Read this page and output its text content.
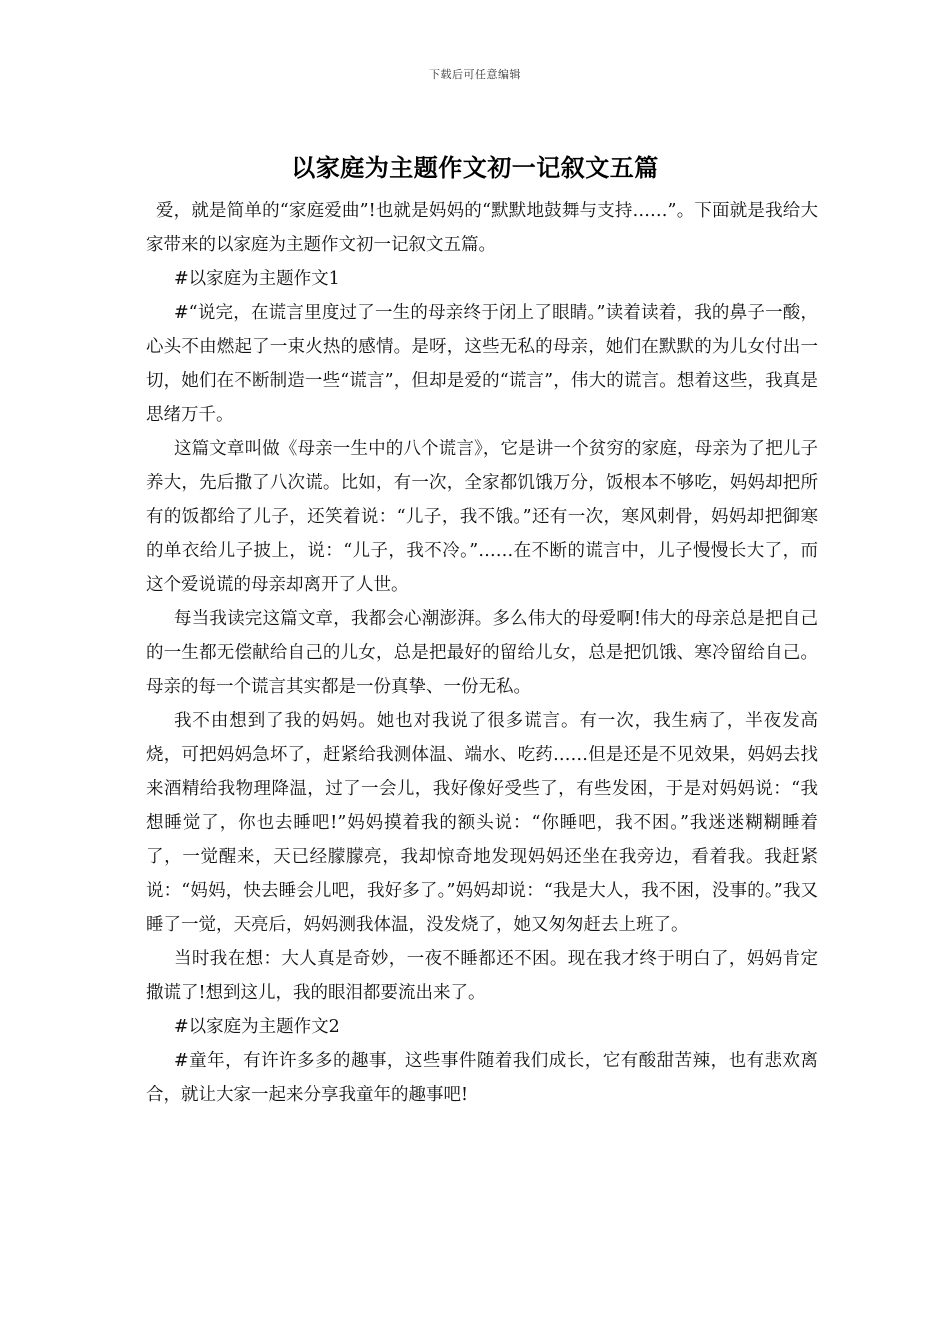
下载后可任意编辑
以家庭为主题作文初一记叙文五篇

爱，就是简单的“家庭爱曲”!也就是妈妈的“默默地鼓舞与支持……”。下面就是我给大家带来的以家庭为主题作文初一记叙文五篇。

#以家庭为主题作文1

#“说完，在谎言里度过了一生的母亲终于闭上了眼睛。”读着读着，我的鼻子一酸，心头不由燃起了一束火热的感情。是呀，这些无私的母亲，她们在默默的为儿女付出一切，她们在不断制造一些“谎言”，但却是爱的“谎言”，伟大的谎言。想着这些，我真是思绪万千。

这篇文章叫做《母亲一生中的八个谎言》，它是讲一个贫穷的家庭，母亲为了把儿子养大，先后撒了八次谎。比如，有一次，全家都饥饿万分，饭根本不够吃，妈妈却把所有的饭都给了儿子，还笑着说：“儿子，我不饿。”还有一次，寒风刺骨，妈妈却把御寒的单衣给儿子披上，说：“儿子，我不冷。”……在不断的谎言中，儿子慢慢长大了，而这个爱说谎的母亲却离开了人世。

每当我读完这篇文章，我都会心潮澎湃。多么伟大的母爱啊!伟大的母亲总是把自己的一生都无偿献给自己的儿女，总是把最好的留给儿女，总是把饥饿、寒冷留给自己。母亲的每一个谎言其实都是一份真挚、一份无私。

我不由想到了我的妈妈。她也对我说了很多谎言。有一次，我生病了，半夜发高烧，可把妈妈急坏了，赶紧给我测体温、端水、吃药……但是还是不见效果，妈妈去找来酒精给我物理降温，过了一会儿，我好像好受些了，有些发困，于是对妈妈说：“我想睡觉了，你也去睡吧!”妈妈摸着我的额头说：“你睡吧，我不困。”我迷迷糊糊睡着了，一觉醒来，天已经朦朦亮，我却惊奇地发现妈妈还坐在我旁边，看着我。我赶紧说：“妈妈，快去睡会儿吧，我好多了。”妈妈却说：“我是大人，我不困，没事的。”我又睡了一觉，天亮后，妈妈测我体温，没发烧了，她又匆匆赶去上班了。

当时我在想：大人真是奇妙，一夜不睡都还不困。现在我才终于明白了，妈妈肯定撒谎了!想到这儿，我的眼泪都要流出来了。

#以家庭为主题作文2

#童年，有许许多多的趣事，这些事件随着我们成长，它有酸甜苦辣，也有悲欢离合，就让大家一起来分享我童年的趣事吧!
